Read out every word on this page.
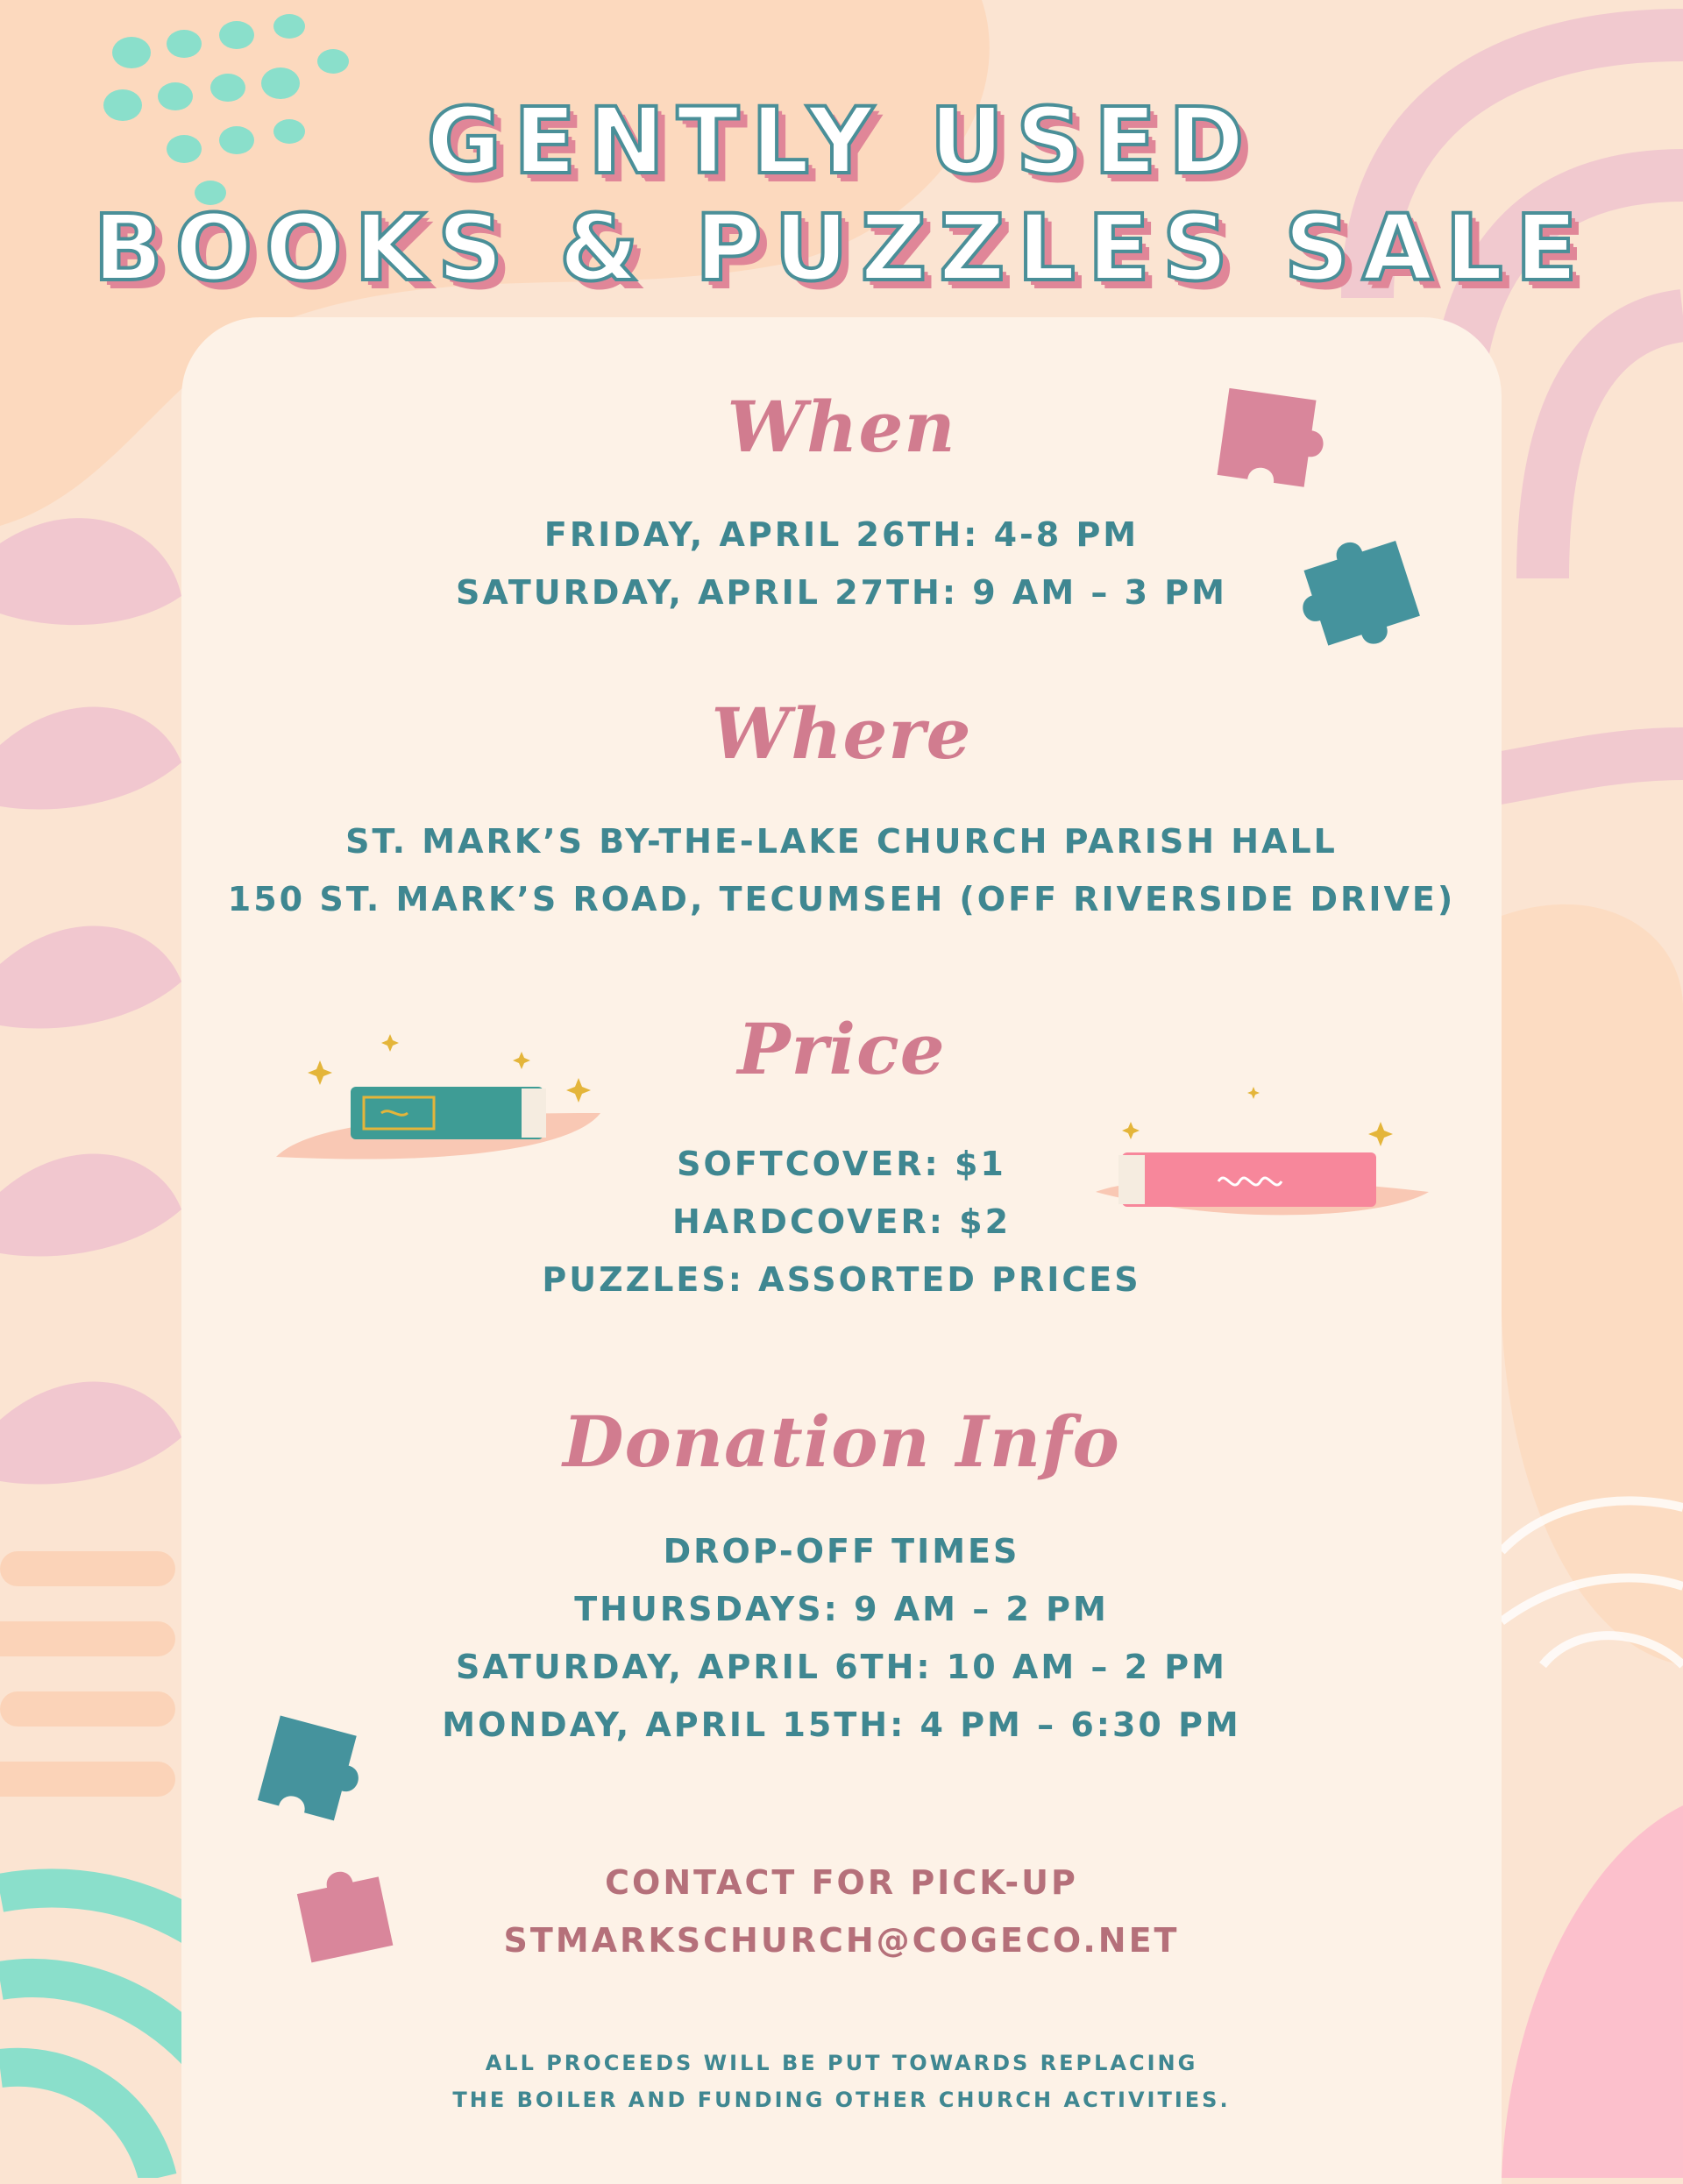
GENTLY USED
BOOKS & PUZZLES SALE
When
FRIDAY, APRIL 26TH: 4-8 PM
SATURDAY, APRIL 27TH: 9 AM – 3 PM
Where
ST. MARK’S BY-THE-LAKE CHURCH PARISH HALL
150 ST. MARK’S ROAD, TECUMSEH (OFF RIVERSIDE DRIVE)
Price
SOFTCOVER: $1
HARDCOVER: $2
PUZZLES: ASSORTED PRICES
Donation Info
DROP-OFF TIMES
THURSDAYS: 9 AM – 2 PM
SATURDAY, APRIL 6TH: 10 AM – 2 PM
MONDAY, APRIL 15TH: 4 PM – 6:30 PM
CONTACT FOR PICK-UP
STMARKSCHURCH@COGECO.NET
ALL PROCEEDS WILL BE PUT TOWARDS REPLACING
THE BOILER AND FUNDING OTHER CHURCH ACTIVITIES.
